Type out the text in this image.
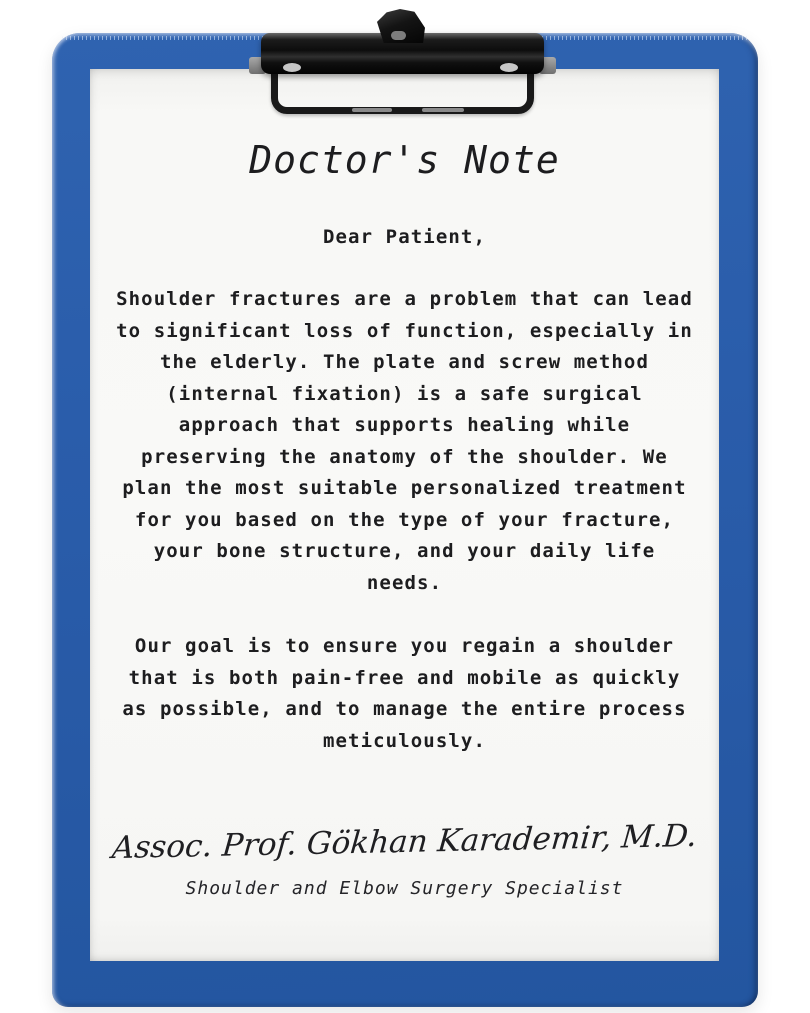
Doctor's Note
Dear Patient,
Shoulder fractures are a problem that can lead to significant loss of function, especially in the elderly. The plate and screw method (internal fixation) is a safe surgical approach that supports healing while preserving the anatomy of the shoulder. We plan the most suitable personalized treatment for you based on the type of your fracture, your bone structure, and your daily life needs.
Our goal is to ensure you regain a shoulder that is both pain-free and mobile as quickly as possible, and to manage the entire process meticulously.
Assoc. Prof. Gökhan Karademir, M.D.
Shoulder and Elbow Surgery Specialist
